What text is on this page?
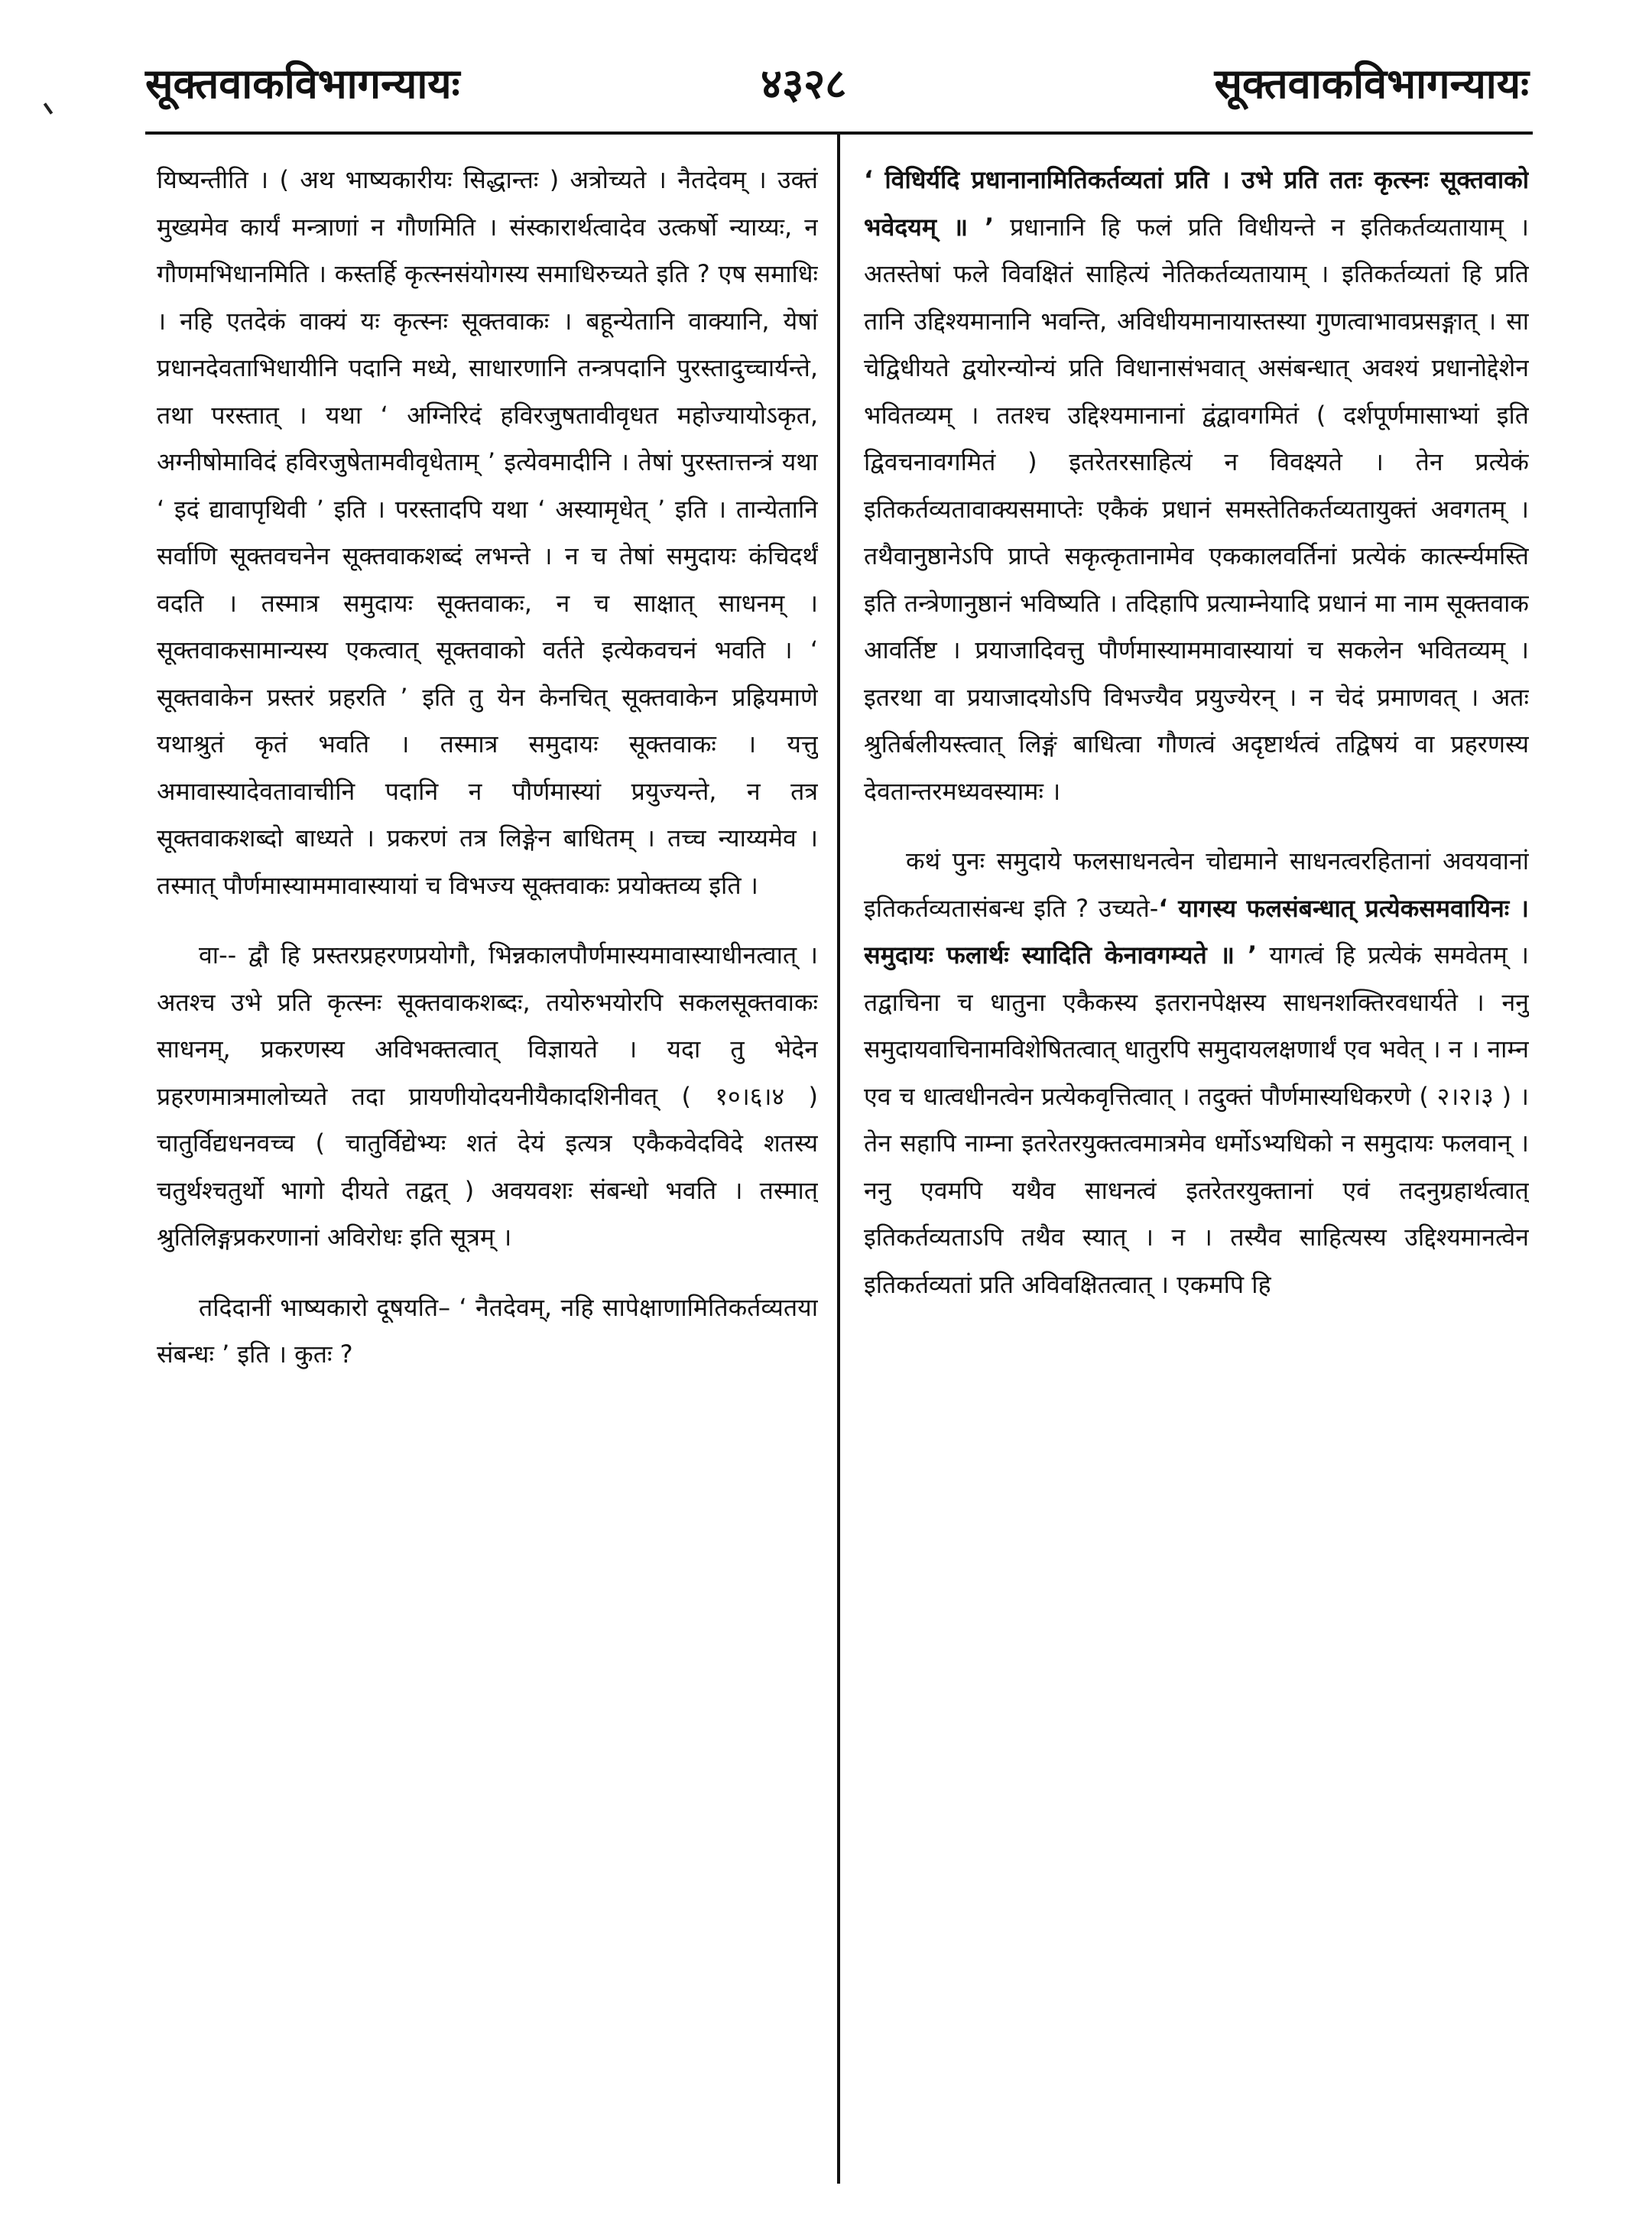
सूक्तवाकविभागन्यायः	४३२८	सूक्तवाकविभागन्यायः

यिष्यन्तीति । ( अथ भाष्यकारीयः सिद्धान्तः ) अत्रोच्यते । नैतदेवम् । उक्तं मुख्यमेव कार्यं मन्त्राणां न गौणमिति । संस्कारार्थत्वादेव उत्कर्षो न्याय्यः, न गौणमभिधानमिति । कस्तर्हि कृत्स्नसंयोगस्य समाधिरुच्यते इति ? एष समाधिः । नहि एतदेकं वाक्यं यः कृत्स्नः सूक्तवाकः । बहून्येतानि वाक्यानि, येषां प्रधानदेवताभिधायीनि पदानि मध्ये, साधारणानि तन्त्रपदानि पुरस्तादुच्चार्यन्ते, तथा परस्तात् । यथा ‘ अग्निरिदं हविरजुषतावीवृधत महोज्यायोऽकृत, अग्नीषोमाविदं हविरजुषेतामवीवृधेताम् ’ इत्येवमादीनि । तेषां पुरस्तात्तन्त्रं यथा ‘ इदं द्यावापृथिवी ’ इति । परस्तादपि यथा ‘ अस्यामृधेत् ’ इति । तान्येतानि सर्वाणि सूक्तवचनेन सूक्तवाकशब्दं लभन्ते । न च तेषां समुदायः कंचिदर्थं वदति । तस्मात्र समुदायः सूक्तवाकः, न च साक्षात् साधनम् । सूक्तवाकसामान्यस्य एकत्वात् सूक्तवाको वर्तते इत्येकवचनं भवति । ‘ सूक्तवाकेन प्रस्तरं प्रहरति ’ इति तु येन केनचित् सूक्तवाकेन प्रह्रियमाणे यथाश्रुतं कृतं भवति । तस्मात्र समुदायः सूक्तवाकः । यत्तु अमावास्यादेवतावाचीनि पदानि न पौर्णमास्यां प्रयुज्यन्ते, न तत्र सूक्तवाकशब्दो बाध्यते । प्रकरणं तत्र लिङ्गेन बाधितम् । तच्च न्याय्यमेव । तस्मात् पौर्णमास्याममावास्यायां च विभज्य सूक्तवाकः प्रयोक्तव्य इति ।

वा-- द्वौ हि प्रस्तरप्रहरणप्रयोगौ, भिन्नकालपौर्णमास्यमावास्याधीनत्वात् । अतश्च उभे प्रति कृत्स्नः सूक्तवाकशब्दः, तयोरुभयोरपि सकलसूक्तवाकः साधनम्, प्रकरणस्य अविभक्तत्वात् विज्ञायते । यदा तु भेदेन प्रहरणमात्रमालोच्यते तदा प्रायणीयोदयनीयैकादशिनीवत् ( १०।६।४ ) चातुर्विद्यधनवच्च ( चातुर्विद्येभ्यः शतं देयं इत्यत्र एकैकवेदविदे शतस्य चतुर्थश्चतुर्थो भागो दीयते तद्वत् ) अवयवशः संबन्धो भवति । तस्मात् श्रुतिलिङ्गप्रकरणानां अविरोधः इति सूत्रम् ।

तदिदानीं भाष्यकारो दूषयति– ‘ नैतदेवम्, नहि सापेक्षाणामितिकर्तव्यतया संबन्धः ’ इति । कुतः ?

‘ विधिर्यदि प्रधानानामितिकर्तव्यतां प्रति । उभे प्रति ततः कृत्स्नः सूक्तवाको भवेदयम् ॥ ’ प्रधानानि हि फलं प्रति विधीयन्ते न इतिकर्तव्यतायाम् । अतस्तेषां फले विवक्षितं साहित्यं नेतिकर्तव्यतायाम् । इतिकर्तव्यतां हि प्रति तानि उद्दिश्यमानानि भवन्ति, अविधीयमानायास्तस्या गुणत्वाभावप्रसङ्गात् । सा चेद्विधीयते द्वयोरन्योन्यं प्रति विधानासंभवात् असंबन्धात् अवश्यं प्रधानोद्देशेन भवितव्यम् । ततश्च उद्दिश्यमानानां द्वंद्वावगमितं ( दर्शपूर्णमासाभ्यां इति द्विवचनावगमितं ) इतरेतरसाहित्यं न विवक्ष्यते । तेन प्रत्येकं इतिकर्तव्यतावाक्यसमाप्तेः एकैकं प्रधानं समस्तेतिकर्तव्यतायुक्तं अवगतम् । तथैवानुष्ठानेऽपि प्राप्ते सकृत्कृतानामेव एककालवर्तिनां प्रत्येकं कार्त्स्न्यमस्ति इति तन्त्रेणानुष्ठानं भविष्यति । तदिहापि प्रत्याम्नेयादि प्रधानं मा नाम सूक्तवाक आवर्तिष्ट । प्रयाजादिवत्तु पौर्णमास्याममावास्यायां च सकलेन भवितव्यम् । इतरथा वा प्रयाजादयोऽपि विभज्यैव प्रयुज्येरन् । न चेदं प्रमाणवत् । अतः श्रुतिर्बलीयस्त्वात् लिङ्गं बाधित्वा गौणत्वं अदृष्टार्थत्वं तद्विषयं वा प्रहरणस्य देवतान्तरमध्यवस्यामः ।

कथं पुनः समुदाये फलसाधनत्वेन चोद्यमाने साधनत्वरहितानां अवयवानां इतिकर्तव्यतासंबन्ध इति ? उच्यते-‘ यागस्य फलसंबन्धात् प्रत्येकसमवायिनः । समुदायः फलार्थः स्यादिति केनावगम्यते ॥ ’ यागत्वं हि प्रत्येकं समवेतम् । तद्वाचिना च धातुना एकैकस्य इतरानपेक्षस्य साधनशक्तिरवधार्यते । ननु समुदायवाचिनामविशेषितत्वात् धातुरपि समुदायलक्षणार्थं एव भवेत् । न । नाम्न एव च धात्वधीनत्वेन प्रत्येकवृत्तित्वात् । तदुक्तं पौर्णमास्यधिकरणे ( २।२।३ ) । तेन सहापि नाम्ना इतरेतरयुक्तत्वमात्रमेव धर्मोऽभ्यधिको न समुदायः फलवान् । ननु एवमपि यथैव साधनत्वं इतरेतरयुक्तानां एवं तदनुग्रहार्थत्वात् इतिकर्तव्यताऽपि तथैव स्यात् । न । तस्यैव साहित्यस्य उद्दिश्यमानत्वेन इतिकर्तव्यतां प्रति अविवक्षितत्वात् । एकमपि हि
